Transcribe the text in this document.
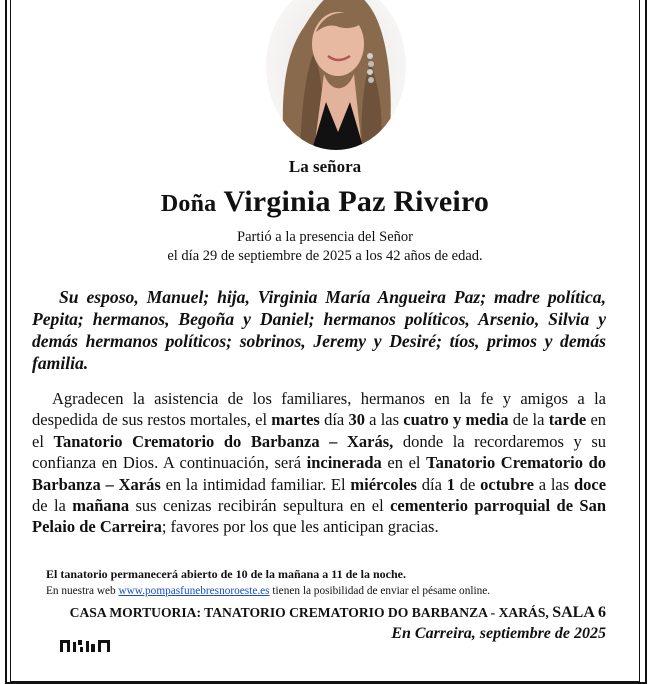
La señora
Doña Virginia Paz Riveiro
Partió a la presencia del Señor
el día 29 de septiembre de 2025 a los 42 años de edad.
Su esposo, Manuel; hija, Virginia María Angueira Paz; madre política, Pepita; hermanos, Begoña y Daniel; hermanos políticos, Arsenio, Silvia y demás hermanos políticos; sobrinos, Jeremy y Desiré; tíos, primos y demás familia.
Agradecen la asistencia de los familiares, hermanos en la fe y amigos a la despedida de sus restos mortales, el martes día 30 a las cuatro y media de la tarde en el Tanatorio Crematorio do Barbanza – Xarás, donde la recordaremos y su confianza en Dios. A continuación, será incinerada en el Tanatorio Crematorio do Barbanza – Xarás en la intimidad familiar. El miércoles día 1 de octubre a las doce de la mañana sus cenizas recibirán sepultura en el cementerio parroquial de San Pelaio de Carreira; favores por los que les anticipan gracias.
El tanatorio permanecerá abierto de 10 de la mañana a 11 de la noche.
En nuestra web www.pompasfunebresnoroeste.es tienen la posibilidad de enviar el pésame online.
CASA MORTUORIA: TANATORIO CREMATORIO DO BARBANZA - XARÁS, SALA 6
En Carreira, septiembre de 2025
